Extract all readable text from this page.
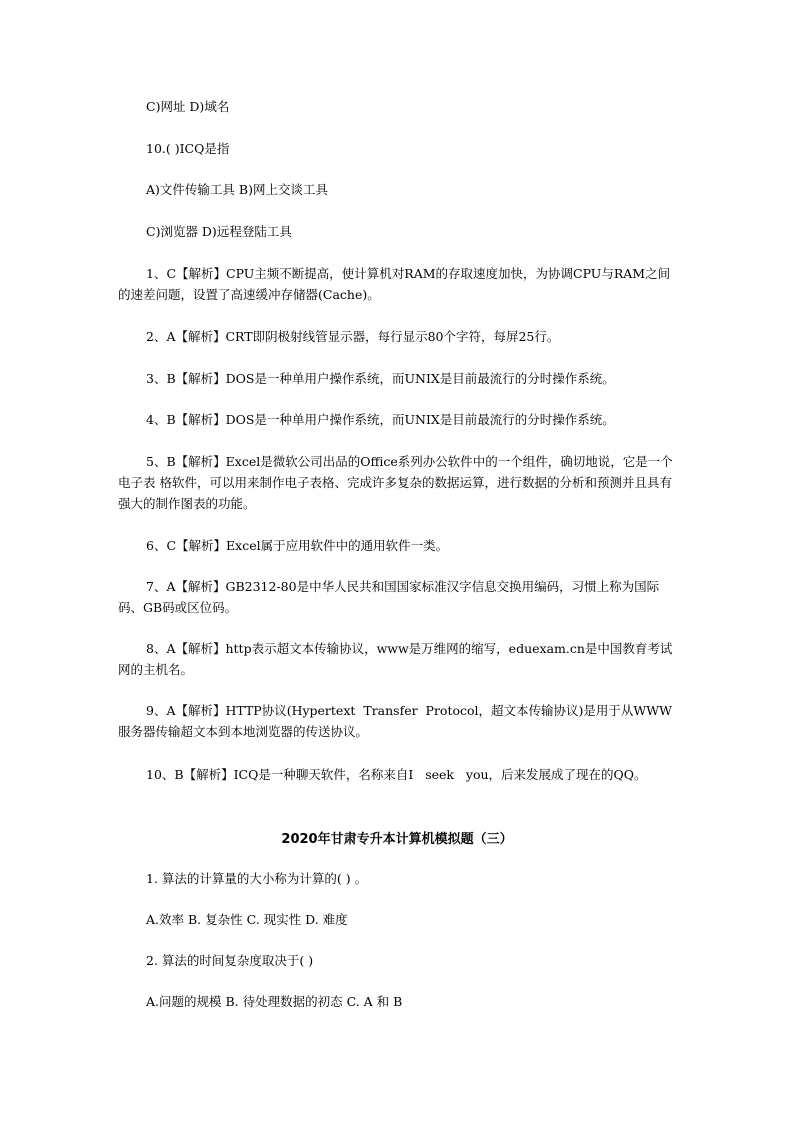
C)网址 D)域名
10.( )ICQ是指
A)文件传输工具 B)网上交谈工具
C)浏览器 D)远程登陆工具
1、C【解析】CPU主频不断提高，使计算机对RAM的存取速度加快，为协调CPU与RAM之间的速差问题，设置了高速缓冲存储器(Cache)。
2、A【解析】CRT即阴极射线管显示器，每行显示80个字符，每屏25行。
3、B【解析】DOS是一种单用户操作系统，而UNIX是目前最流行的分时操作系统。
4、B【解析】DOS是一种单用户操作系统，而UNIX是目前最流行的分时操作系统。
5、B【解析】Excel是微软公司出品的Office系列办公软件中的一个组件，确切地说，它是一个电子表 格软件，可以用来制作电子表格、完成许多复杂的数据运算，进行数据的分析和预测并且具有强大的制作图表的功能。
6、C【解析】Excel属于应用软件中的通用软件一类。
7、A【解析】GB2312-80是中华人民共和国国家标准汉字信息交换用编码，习惯上称为国际码、GB码或区位码。
8、A【解析】http表示超文本传输协议，www是万维网的缩写，eduexam.cn是中国教育考试网的主机名。
9、A【解析】HTTP协议(Hypertext  Transfer  Protocol，超文本传输协议)是用于从WWW服务器传输超文本到本地浏览器的传送协议。
10、B【解析】ICQ是一种聊天软件，名称来自I   seek   you，后来发展成了现在的QQ。
2020年甘肃专升本计算机模拟题（三）
1. 算法的计算量的大小称为计算的( ) 。
A.效率 B. 复杂性 C. 现实性 D. 难度
2. 算法的时间复杂度取决于( )
A.问题的规模 B. 待处理数据的初态 C. A 和 B
